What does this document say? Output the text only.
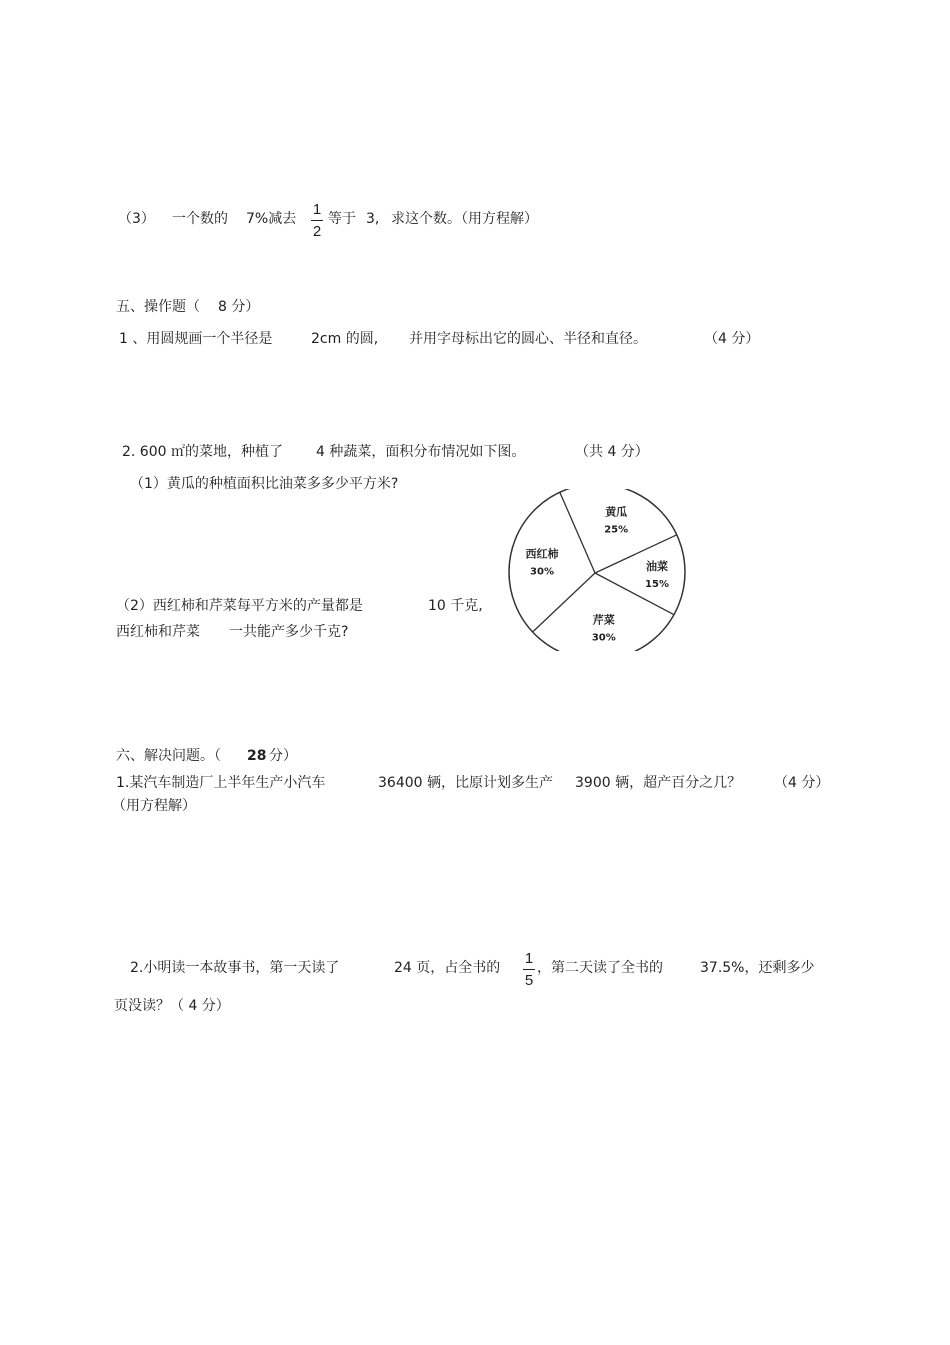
（3） 一个数的 7%减去
1
2
等于 3, 求这个数。（用方程解）
五、操作题（ 8 分）
1 、用圆规画一个半径是	2cm 的圆, 并用字母标出它的圆心、半径和直径。	（4 分）
2. 600 ㎡的菜地，种植了 4 种蔬菜，面积分布情况如下图。	（共 4 分）
（1）黄瓜的种植面积比油菜多多少平方米?
（2）西红柿和芹菜每平方米的产量都是	10 千克,
西红柿和芹菜 一共能产多少千克?
黄瓜
25%
油菜
15%
芹菜
30%
西红柿
30%
六、解决问题。（ 28 分）
1.某汽车制造厂上半年生产小汽车	36400 辆，比原计划多生产 3900 辆，超产百分之几？ （4 分）
（用方程解）
2.小明读一本故事书，第一天读了	24 页，占全书的
1
5
，第二天读了全书的	37.5%，还剩多少
页没读？（ 4 分）
